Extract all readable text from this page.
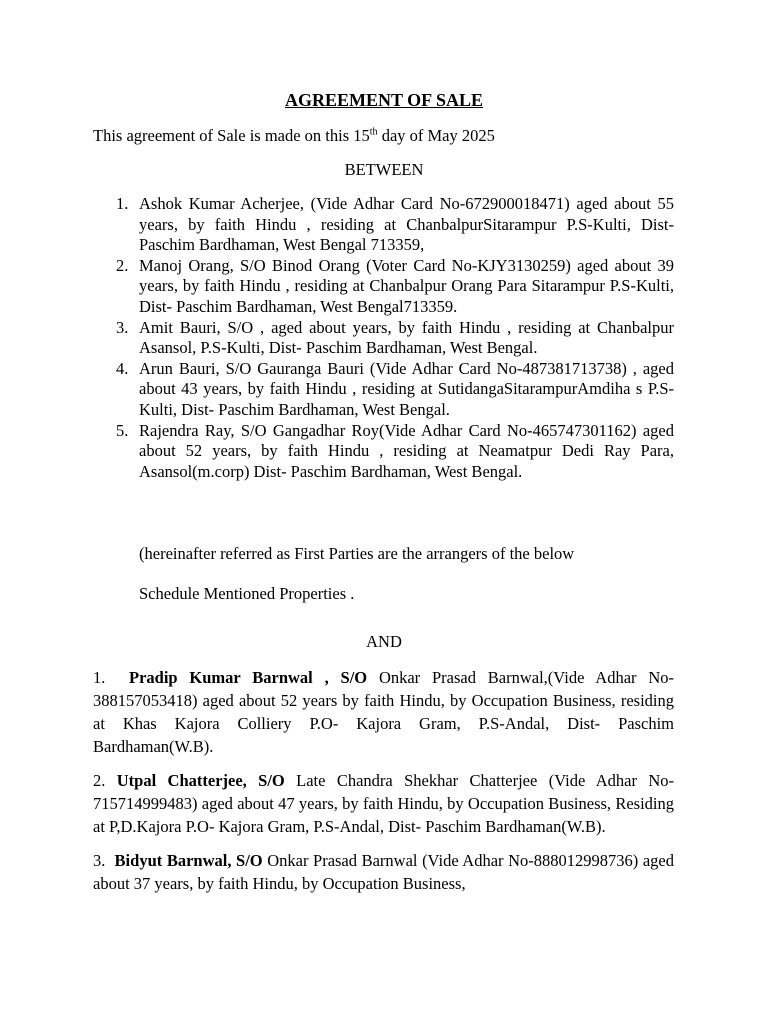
AGREEMENT OF SALE
This agreement of Sale is made on this 15th day of May 2025
BETWEEN
1. Ashok Kumar Acherjee, (Vide Adhar Card No-672900018471) aged about 55 years, by faith Hindu , residing at ChanbalpurSitarampur P.S-Kulti, Dist- Paschim Bardhaman, West Bengal 713359,
2. Manoj Orang, S/O Binod Orang (Voter Card No-KJY3130259) aged about 39 years, by faith Hindu , residing at Chanbalpur Orang Para Sitarampur P.S-Kulti, Dist- Paschim Bardhaman, West Bengal713359.
3. Amit Bauri, S/O , aged about years, by faith Hindu , residing at Chanbalpur Asansol, P.S-Kulti, Dist- Paschim Bardhaman, West Bengal.
4. Arun Bauri, S/O Gauranga Bauri (Vide Adhar Card No-487381713738) , aged about 43 years, by faith Hindu , residing at SutidangaSitarampurAmdiha s P.S-Kulti, Dist- Paschim Bardhaman, West Bengal.
5. Rajendra Ray, S/O Gangadhar Roy(Vide Adhar Card No-465747301162) aged about 52 years, by faith Hindu , residing at Neamatpur Dedi Ray Para, Asansol(m.corp) Dist- Paschim Bardhaman, West Bengal.
(hereinafter referred as First Parties are the arrangers of the below
Schedule Mentioned Properties .
AND

1. Pradip Kumar Barnwal , S/O Onkar Prasad Barnwal,(Vide Adhar No-388157053418) aged about 52 years by faith Hindu, by Occupation Business, residing at Khas Kajora Colliery P.O- Kajora Gram, P.S-Andal, Dist- Paschim Bardhaman(W.B).

2. Utpal Chatterjee, S/O Late Chandra Shekhar Chatterjee (Vide Adhar No-715714999483) aged about 47 years, by faith Hindu, by Occupation Business, Residing at P,D.Kajora P.O- Kajora Gram, P.S-Andal, Dist- Paschim Bardhaman(W.B).

3. Bidyut Barnwal, S/O Onkar Prasad Barnwal (Vide Adhar No-888012998736) aged about 37 years, by faith Hindu, by Occupation Business,
